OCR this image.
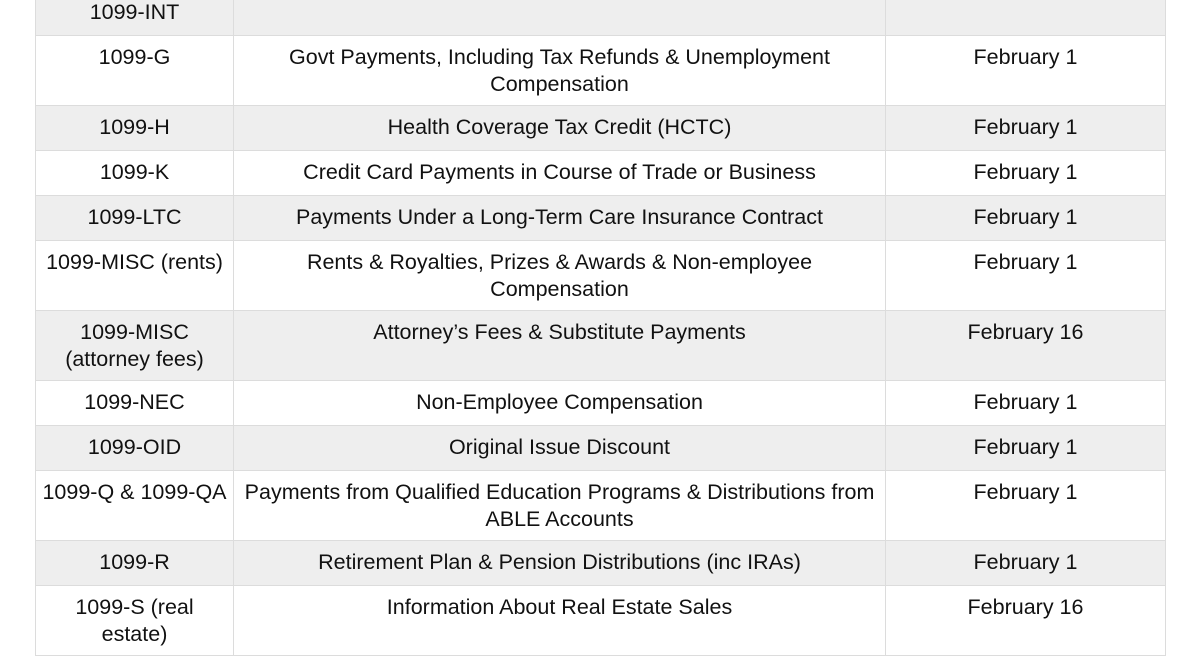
1099-INT		
1099-G	Govt Payments, Including Tax Refunds & Unemployment Compensation	February 1
1099-H	Health Coverage Tax Credit (HCTC)	February 1
1099-K	Credit Card Payments in Course of Trade or Business	February 1
1099-LTC	Payments Under a Long-Term Care Insurance Contract	February 1
1099-MISC (rents)	Rents & Royalties, Prizes & Awards & Non-employee Compensation	February 1
1099-MISC (attorney fees)	Attorney’s Fees & Substitute Payments	February 16
1099-NEC	Non-Employee Compensation	February 1
1099-OID	Original Issue Discount	February 1
1099-Q & 1099-QA	Payments from Qualified Education Programs & Distributions from ABLE Accounts	February 1
1099-R	Retirement Plan & Pension Distributions (inc IRAs)	February 1
1099-S (real estate)	Information About Real Estate Sales	February 16
